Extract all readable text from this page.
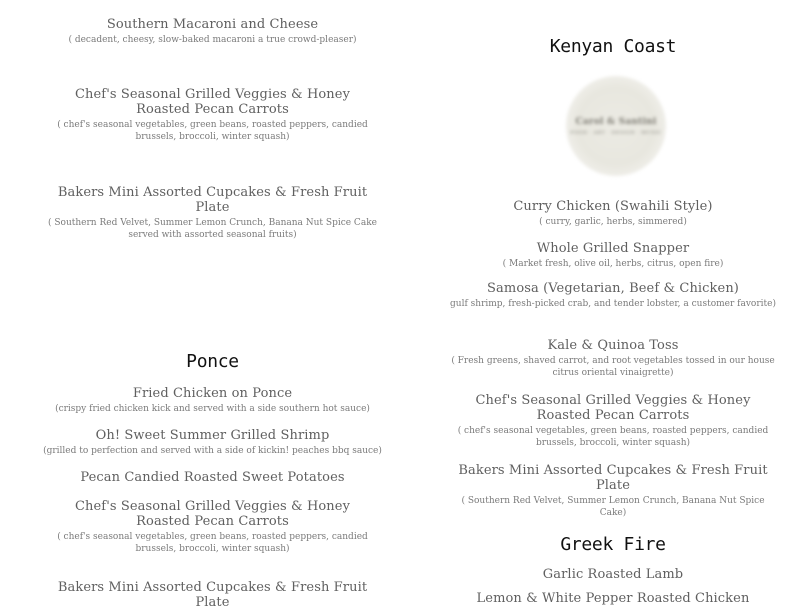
Southern Macaroni and Cheese
( decadent, cheesy, slow-baked macaroni a true crowd-pleaser)
Chef's Seasonal Grilled Veggies & Honey Roasted Pecan Carrots
( chef's seasonal vegetables, green beans, roasted peppers, candied brussels, broccoli, winter squash)
Bakers Mini Assorted Cupcakes & Fresh Fruit Plate
( Southern Red Velvet, Summer Lemon Crunch, Banana Nut Spice Cake served with assorted seasonal fruits)
Ponce
Fried Chicken on Ponce
(crispy fried chicken kick and served with a side southern hot sauce)
Oh! Sweet Summer Grilled Shrimp
(grilled to perfection and served with a side of kickin! peaches bbq sauce)
Pecan Candied Roasted Sweet Potatoes
Chef's Seasonal Grilled Veggies & Honey Roasted Pecan Carrots
( chef's seasonal vegetables, green beans, roasted peppers, candied brussels, broccoli, winter squash)
Bakers Mini Assorted Cupcakes & Fresh Fruit Plate
Kenyan Coast
Carol & Santini
FOOD · ART · DESIGN · MUSIC
Curry Chicken (Swahili Style)
( curry, garlic, herbs, simmered)
Whole Grilled Snapper
( Market fresh, olive oil, herbs, citrus, open fire)
Samosa (Vegetarian, Beef & Chicken)
gulf shrimp, fresh-picked crab, and tender lobster, a customer favorite)
Kale & Quinoa Toss
( Fresh greens, shaved carrot, and root vegetables tossed in our house citrus oriental vinaigrette)
Chef's Seasonal Grilled Veggies & Honey Roasted Pecan Carrots
( chef's seasonal vegetables, green beans, roasted peppers, candied brussels, broccoli, winter squash)
Bakers Mini Assorted Cupcakes & Fresh Fruit Plate
( Southern Red Velvet, Summer Lemon Crunch, Banana Nut Spice Cake)
Greek Fire
Garlic Roasted Lamb
Lemon & White Pepper Roasted Chicken
